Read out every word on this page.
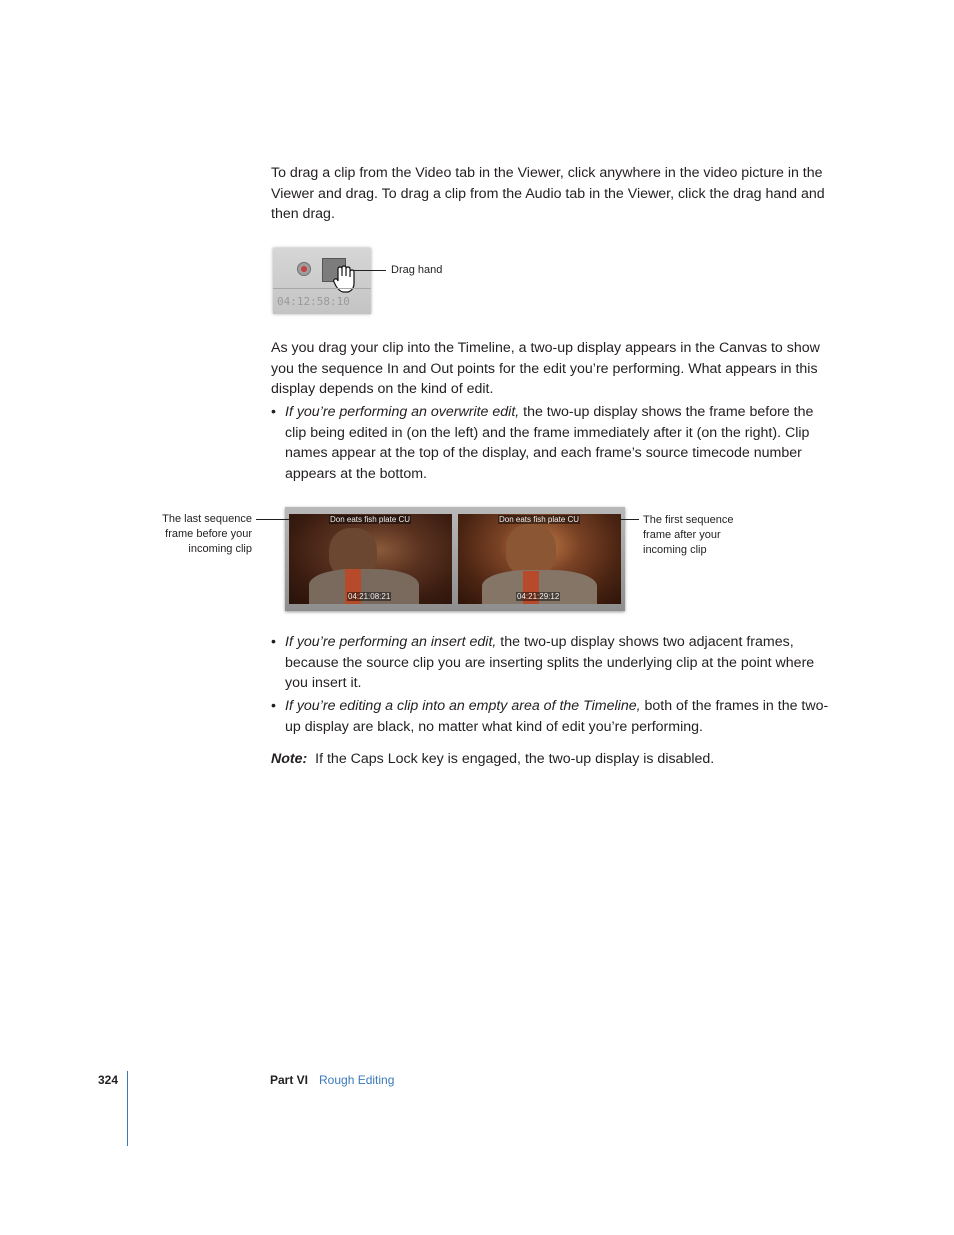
To drag a clip from the Video tab in the Viewer, click anywhere in the video picture in the Viewer and drag. To drag a clip from the Audio tab in the Viewer, click the drag hand and then drag.

04:12:58:10
Drag hand

As you drag your clip into the Timeline, a two-up display appears in the Canvas to show you the sequence In and Out points for the edit you’re performing. What appears in this display depends on the kind of edit.

• If you’re performing an overwrite edit, the two-up display shows the frame before the clip being edited in (on the left) and the frame immediately after it (on the right). Clip names appear at the top of the display, and each frame’s source timecode number appears at the bottom.
Don eats fish plate CU
04:21:08:21
Don eats fish plate CU
04:21:29:12
The last sequence
frame before your
incoming clip
The first sequence
frame after your
incoming clip
• If you’re performing an insert edit, the two-up display shows two adjacent frames, because the source clip you are inserting splits the underlying clip at the point where you insert it.
• If you’re editing a clip into an empty area of the Timeline, both of the frames in the two-up display are black, no matter what kind of edit you’re performing.

Note: If the Caps Lock key is engaged, the two-up display is disabled.

324	Part VI Rough Editing
